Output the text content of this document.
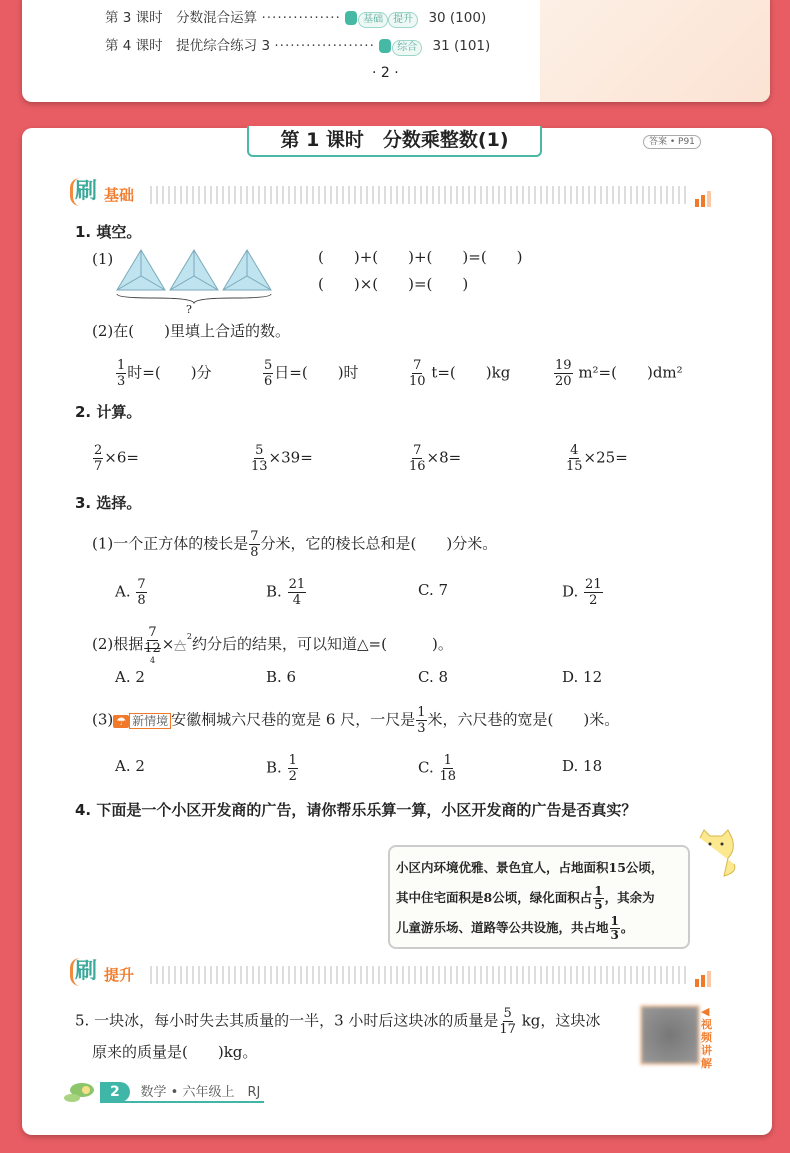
第 3 课时　 分数混合运算 ··············· 基础 提升 30 (100)
第 4 课时　 提优综合练习 3 ··················· 综合 31 (101)
· 2 ·
第 1 课时　分数乘整数(1)	答案 • P91
刷 基础
1. 填空。
(1)
?
(　　)+(　　)+(　　)=(　　)
(　　)×(　　)=(　　)
(2)在(　　)里填上合适的数。
$\frac{1}{3}$ 时=(　　)分	$\frac{5}{6}$ 日=(　　)时	$\frac{7}{10} t=$(　　)kg	$\frac{19}{20} m^2=$(　　)dm²
2. 计算。
$\frac{2}{7} \times 6=$	$\frac{5}{13} \times 39=$	$\frac{7}{16} \times 8=$	$\frac{4}{15} \times 25=$
3. 选择。
(1)一个正方体的棱长是 $\frac{7}{8}$ 分米，它的棱长总和是(　　)分米。
A. $\frac{7}{8}$	B. $\frac{21}{4}$	C. 7	D. $\frac{21}{2}$
(2)根据
7
12
4
×△$^2$约分后的结果，可以知道△=(　　　)。
A. 2	B. 6	C. 8	D. 12
(3) ☂ 新情境 安徽桐城六尺巷的宽是 6 尺，一尺是 $\frac{1}{3}$ 米，六尺巷的宽是(　　)米。
A. 2	B. $\frac{1}{2}$	C. $\frac{1}{18}$	D. 18
4. 下面是一个小区开发商的广告，请你帮乐乐算一算，小区开发商的广告是否真实？
小区内环境优雅、景色宜人，占地面积15公顷，
其中住宅面积是8公顷，绿化面积占 $\frac{1}{5}$ ，其余为
儿童游乐场、道路等公共设施，共占地 $\frac{1}{3}$ 。
刷 提升
5. 一块冰，每小时失去其质量的一半，3 小时后这块冰的质量是 $\frac{5}{17}$ kg，这块冰
原来的质量是(　　)kg。
◀视频讲解
2 数学 • 六年级上　RJ
